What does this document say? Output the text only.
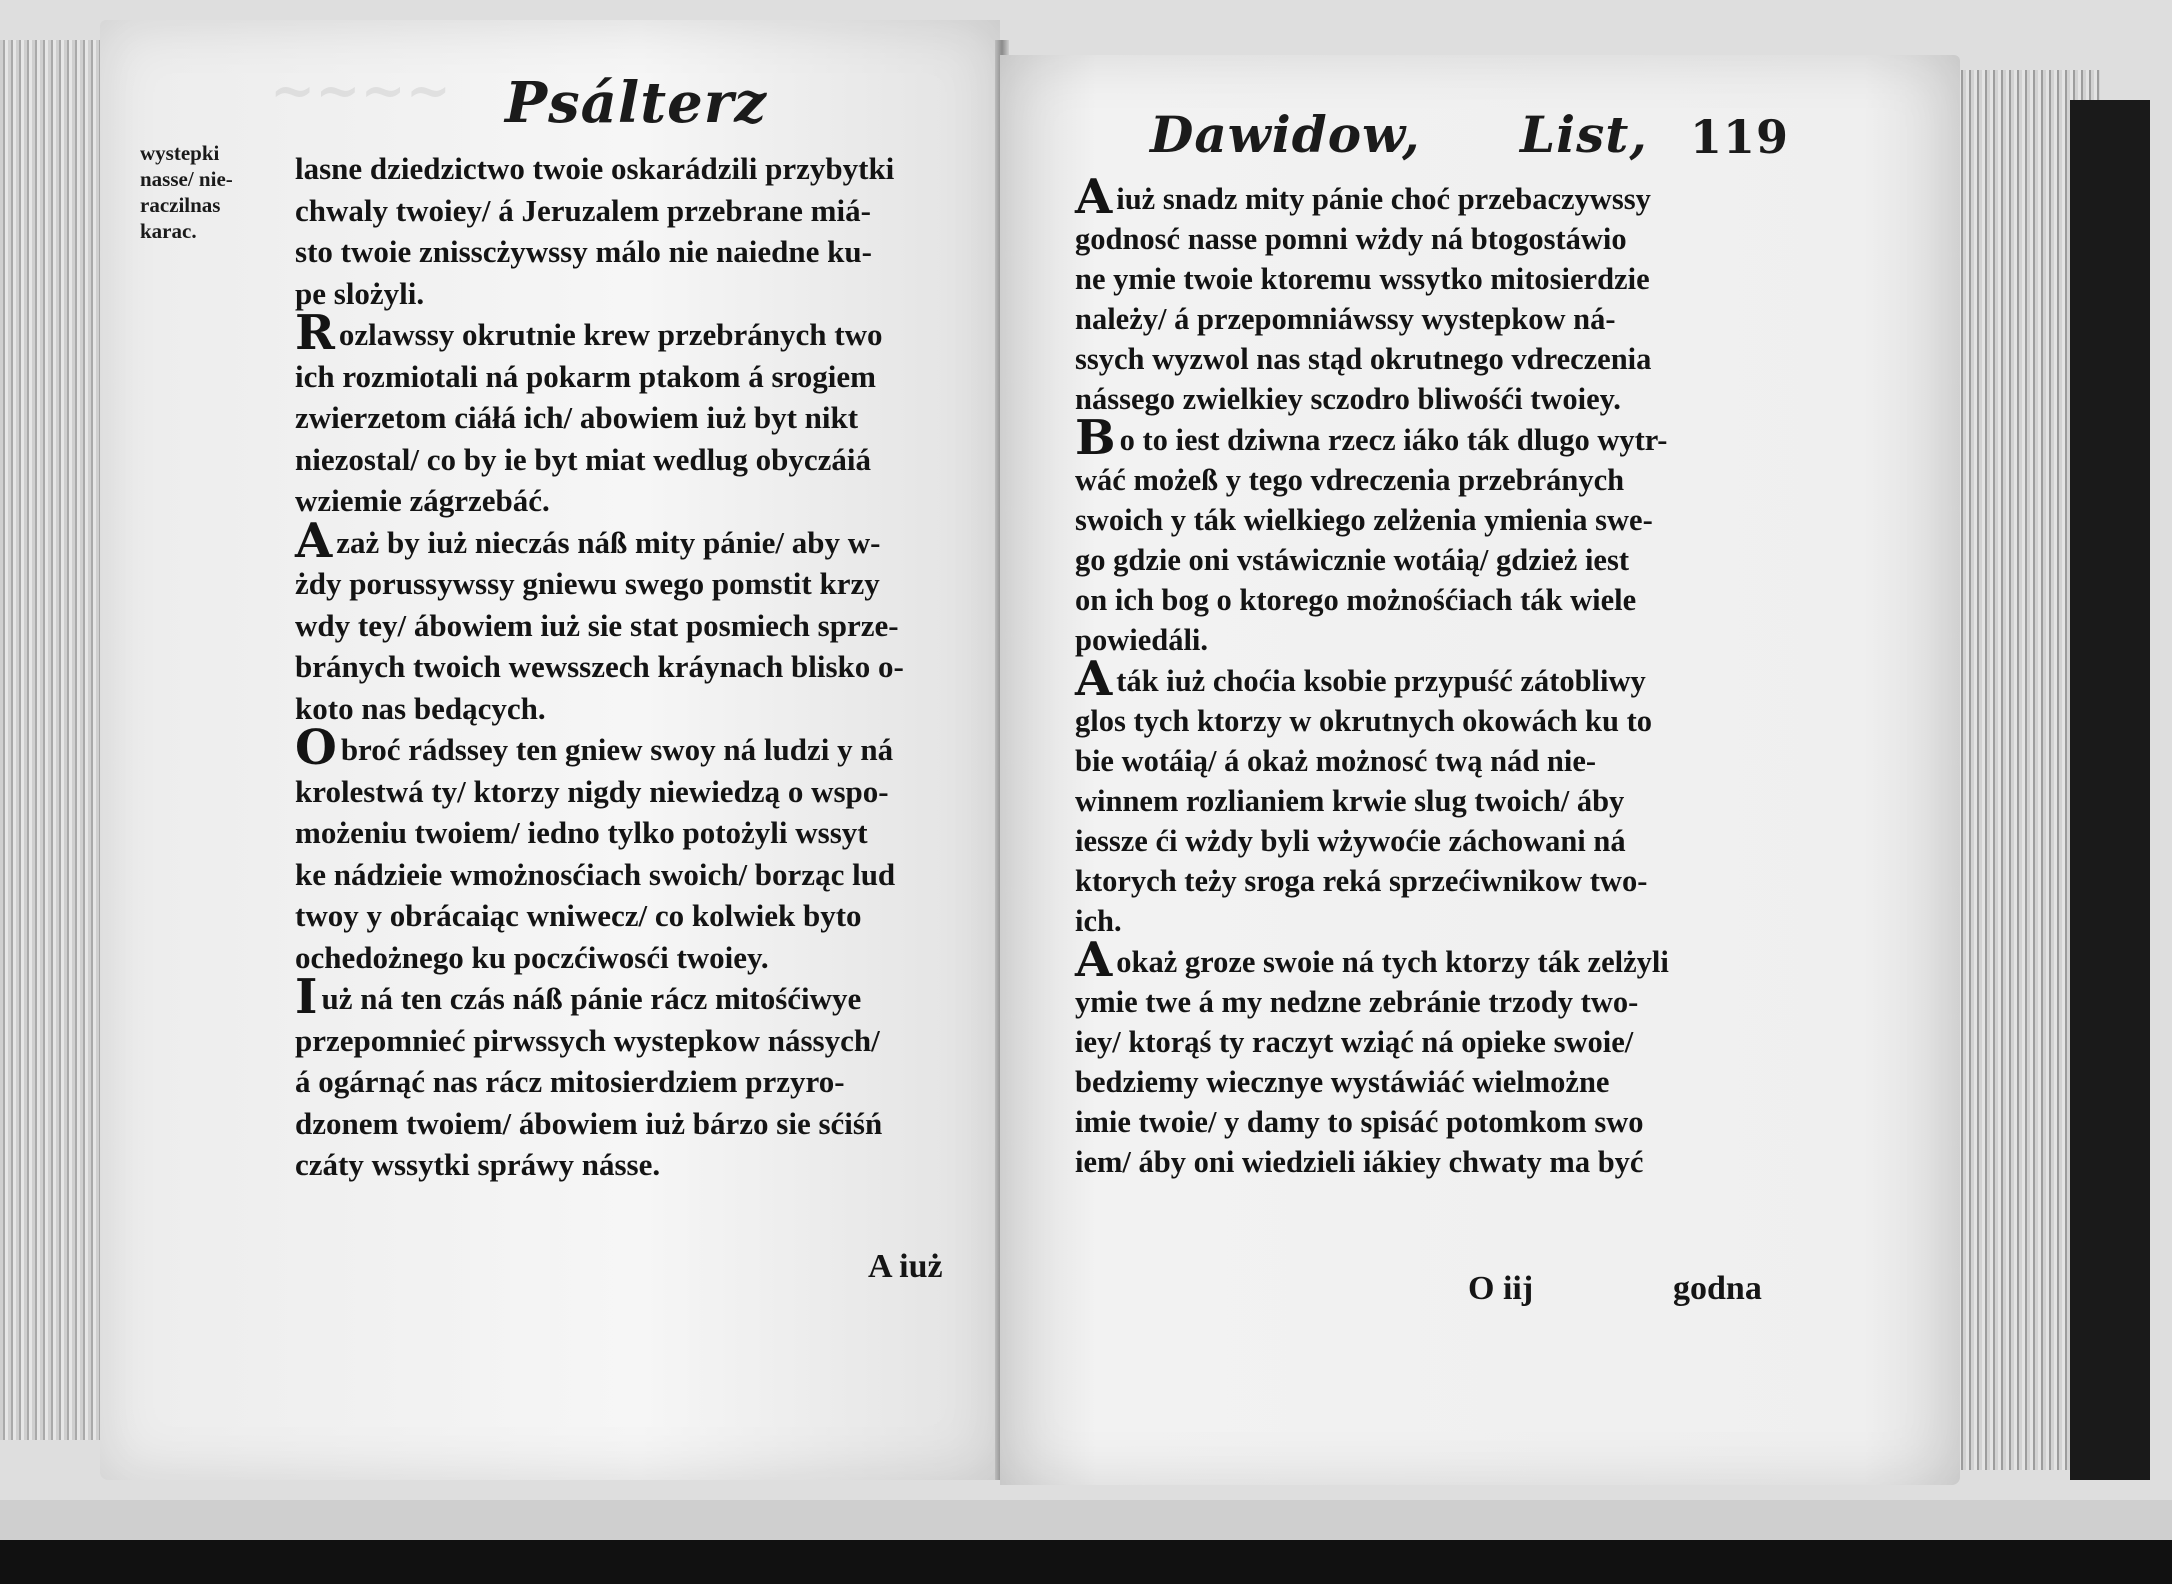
~~~~ Psálterz
wystepki
nasse/ nie-
raczilnas
karac.
lasne dziedzictwo twoie oskarádzili przybytki
chwaly twoiey/ á Jeruzalem przebrane miá-
sto twoie znisscżywssy málo nie naiedne ku-
pe slożyli.
Rozlawssy okrutnie krew przebránych two
ich rozmiotali ná pokarm ptakom á srogiem
zwierzetom ciáłá ich/ abowiem iuż byt nikt
niezostal/ co by ie byt miat wedlug obyczáiá
wziemie zágrzebáć.
Azaż by iuż nieczás náß mity pánie/ aby w-
żdy porussywssy gniewu swego pomstit krzy
wdy tey/ ábowiem iuż sie stat posmiech sprze-
bránych twoich wewsszech kráynach blisko o-
koto nas bedących.
Obroć rádssey ten gniew swoy ná ludzi y ná
krolestwá ty/ ktorzy nigdy niewiedzą o wspo-
możeniu twoiem/ iedno tylko potożyli wssyt
ke nádzieie wmożnosćiach swoich/ borząc lud
twoy y obrácaiąc wniwecz/ co kolwiek byto
ochedożnego ku poczćiwosći twoiey.
Iuż ná ten czás náß pánie rácz mitośćiwye
przepomnieć pirwssych wystepkow nássych/
á ogárnąć nas rácz mitosierdziem przyro-
dzonem twoiem/ ábowiem iuż bárzo sie sćiśń
czáty wssytki spráwy násse.
A iuż
Dawidow, List, 119
Aiuż snadz mity pánie choć przebaczywssy
godnosć nasse pomni wżdy ná btogostáwio
ne ymie twoie ktoremu wssytko mitosierdzie
należy/ á przepomniáwssy wystepkow ná-
ssych wyzwol nas stąd okrutnego vdreczenia
nássego zwielkiey sczodro bliwośći twoiey.
Bo to iest dziwna rzecz iáko ták dlugo wytr-
wáć możeß y tego vdreczenia przebránych
swoich y ták wielkiego zelżenia ymienia swe-
go gdzie oni vstáwicznie wotáią/ gdzież iest
on ich bog o ktorego możnośćiach ták wiele
powiedáli.
Aták iuż choćia ksobie przypuść zátobliwy
glos tych ktorzy w okrutnych okowách ku to
bie wotáią/ á okaż możnosć twą nád nie-
winnem rozlianiem krwie slug twoich/ áby
iessze ći wżdy byli wżywoćie záchowani ná
ktorych teży sroga reká sprzećiwnikow two-
ich.
Aokaż groze swoie ná tych ktorzy ták zelżyli
ymie twe á my nedzne zebránie trzody two-
iey/ ktorąś ty raczyt wziąć ná opieke swoie/
bedziemy wiecznye wystáwiáć wielmożne
imie twoie/ y damy to spisáć potomkom swo
iem/ áby oni wiedzieli iákiey chwaty ma być
O iij	godna
